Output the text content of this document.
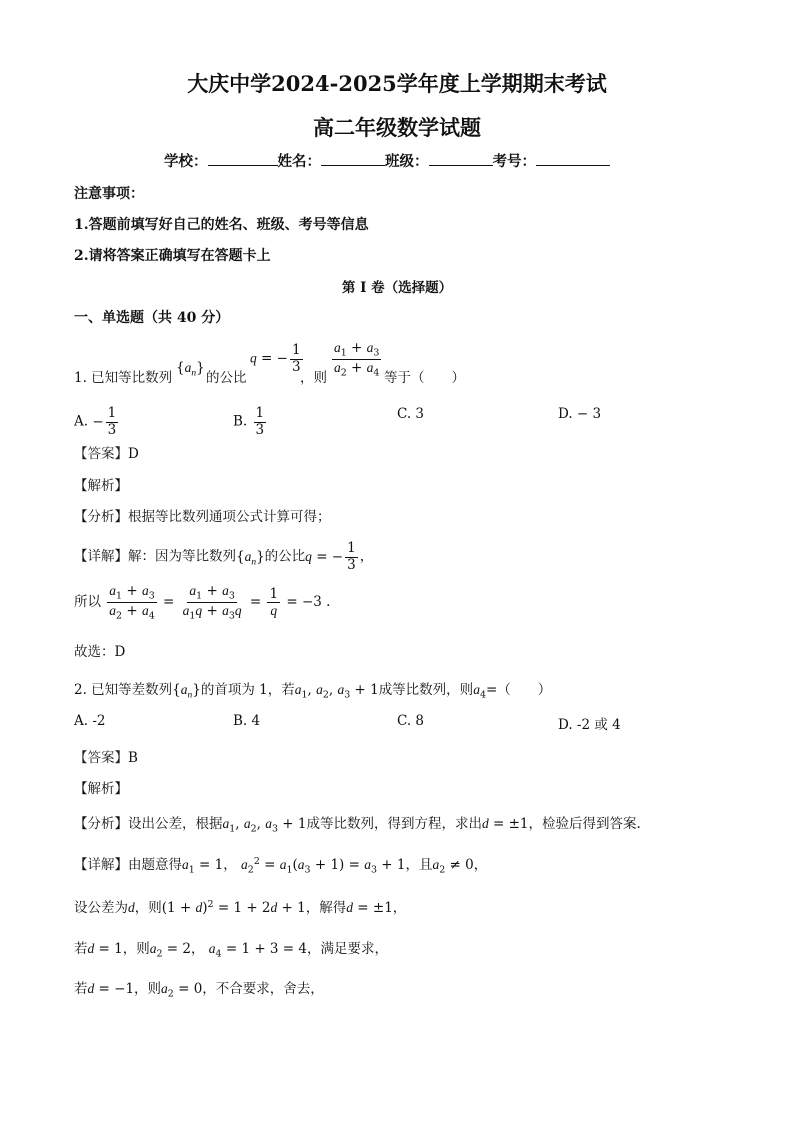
大庆中学2024-2025学年度上学期期末考试
高二年级数学试题
学校：	姓名：	班级：	考号：
注意事项：
1.答题前填写好自己的姓名、班级、考号等信息
2.请将答案正确填写在答题卡上
第 I 卷（选择题）
一、单选题（共 40 分）
1. 已知等比数列
$\{a_n\}$
的公比
q = − $\frac{1}{3}$
，则 $\frac{a_1 + a_3}{a_2 + a_4}$ 等于（　　）
A. − $\frac{1}{3}$	B. $\frac{1}{3}$	C. 3	D. − 3
【答案】D
【解析】
【分析】根据等比数列通项公式计算可得；
【详解】解：因为等比数列$\{a_n\}$的公比q = − $\frac{1}{3}$ ，
所以 $\frac{a_1 + a_3}{a_2 + a_4} = \frac{a_1 + a_3}{a_1q + a_3q} = \frac{1}{q} = -3$ .
故选：D
2. 已知等差数列$\{a_n\}$的首项为 1，若$a_1$, $a_2$, $a_3 + 1$成等比数列，则$a_4=$（　　）
A. -2	B. 4	C. 8	D. -2 或 4
【答案】B
【解析】
【分析】设出公差，根据$a_1$, $a_2$, $a_3 + 1$成等比数列，得到方程，求出d = ±1，检验后得到答案.
【详解】由题意得$a_1 = 1$， $a_2^2 = a_1(a_3 + 1) = a_3 + 1$，且$a_2 \ne 0$，
设公差为d，则$(1 + d)^2 = 1 + 2d + 1$，解得d = ±1，
若d = 1，则$a_2 = 2$， $a_4 = 1 + 3 = 4$，满足要求，
若d = −1，则$a_2 = 0$，不合要求，舍去，
